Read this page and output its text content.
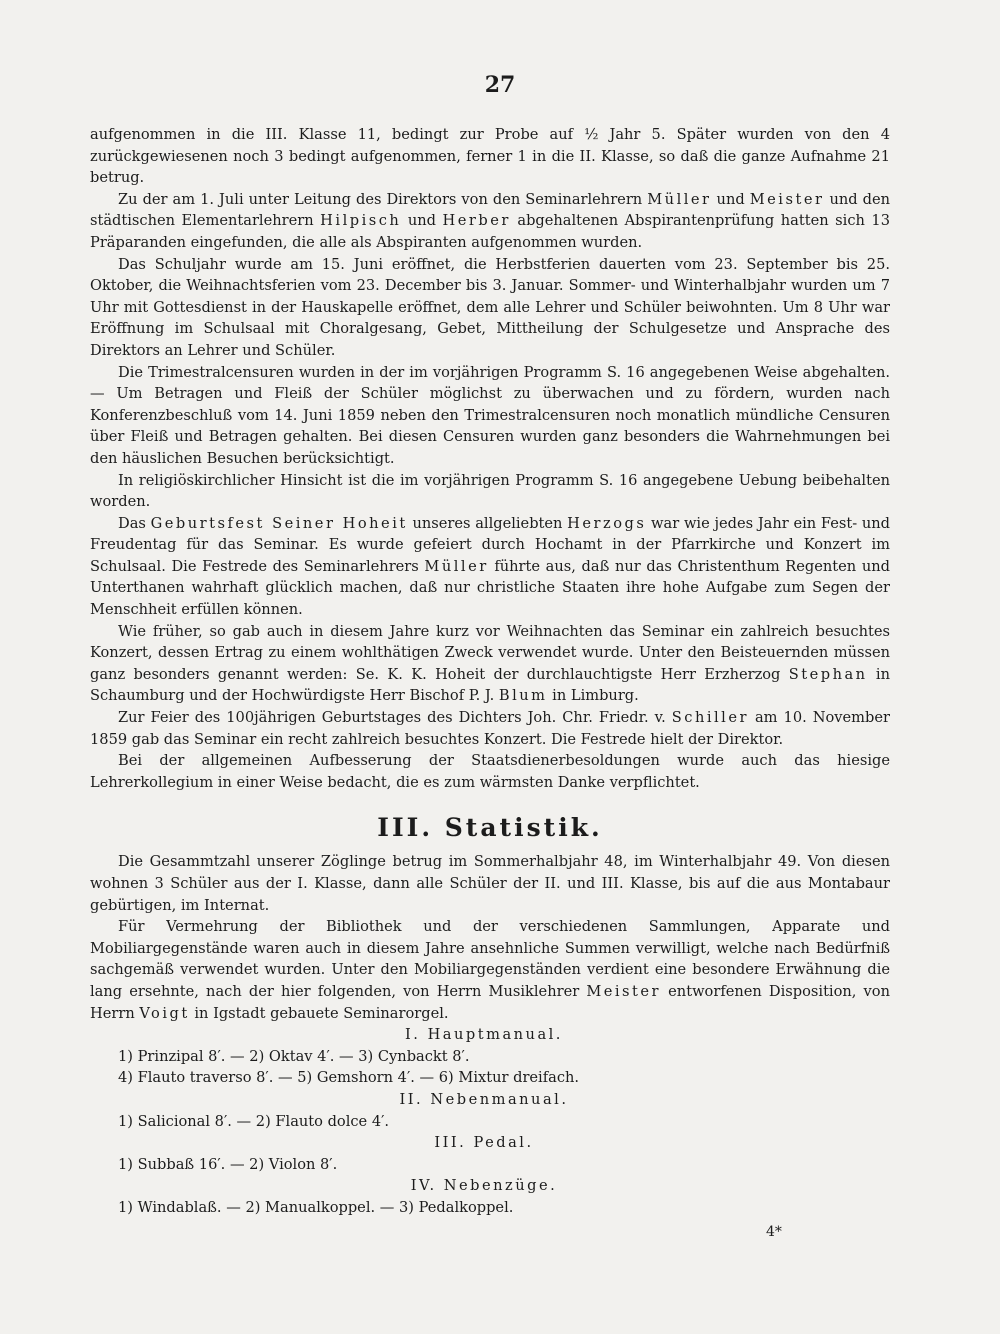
27

aufgenommen in die III. Klasse 11, bedingt zur Probe auf ½ Jahr 5. Später wurden von den 4 zurückgewiesenen noch 3 bedingt aufgenommen, ferner 1 in die II. Klasse, so daß die ganze Aufnahme 21 betrug.

Zu der am 1. Juli unter Leitung des Direktors von den Seminarlehrern Müller und Meister und den städtischen Elementarlehrern Hilpisch und Herber abgehaltenen Abspirantenprüfung hatten sich 13 Präparanden eingefunden, die alle als Abspiranten aufgenommen wurden.

Das Schuljahr wurde am 15. Juni eröffnet, die Herbstferien dauerten vom 23. September bis 25. Oktober, die Weihnachtsferien vom 23. December bis 3. Januar. Sommer- und Winterhalbjahr wurden um 7 Uhr mit Gottesdienst in der Hauskapelle eröffnet, dem alle Lehrer und Schüler beiwohnten. Um 8 Uhr war Eröffnung im Schulsaal mit Choralgesang, Gebet, Mittheilung der Schulgesetze und Ansprache des Direktors an Lehrer und Schüler.

Die Trimestralcensuren wurden in der im vorjährigen Programm S. 16 angegebenen Weise abgehalten. — Um Betragen und Fleiß der Schüler möglichst zu überwachen und zu fördern, wurden nach Konferenzbeschluß vom 14. Juni 1859 neben den Trimestralcensuren noch monatlich mündliche Censuren über Fleiß und Betragen gehalten. Bei diesen Censuren wurden ganz besonders die Wahrnehmungen bei den häuslichen Besuchen berücksichtigt.

In religiöskirchlicher Hinsicht ist die im vorjährigen Programm S. 16 angegebene Uebung beibehalten worden.

Das Geburtsfest Seiner Hoheit unseres allgeliebten Herzogs war wie jedes Jahr ein Fest- und Freudentag für das Seminar. Es wurde gefeiert durch Hochamt in der Pfarrkirche und Konzert im Schulsaal. Die Festrede des Seminarlehrers Müller führte aus, daß nur das Christenthum Regenten und Unterthanen wahrhaft glücklich machen, daß nur christliche Staaten ihre hohe Aufgabe zum Segen der Menschheit erfüllen können.

Wie früher, so gab auch in diesem Jahre kurz vor Weihnachten das Seminar ein zahlreich besuchtes Konzert, dessen Ertrag zu einem wohlthätigen Zweck verwendet wurde. Unter den Beisteuernden müssen ganz besonders genannt werden: Se. K. K. Hoheit der durchlauchtigste Herr Erzherzog Stephan in Schaumburg und der Hochwürdigste Herr Bischof P. J. Blum in Limburg.

Zur Feier des 100jährigen Geburtstages des Dichters Joh. Chr. Friedr. v. Schiller am 10. November 1859 gab das Seminar ein recht zahlreich besuchtes Konzert. Die Festrede hielt der Direktor.

Bei der allgemeinen Aufbesserung der Staatsdienerbesoldungen wurde auch das hiesige Lehrerkollegium in einer Weise bedacht, die es zum wärmsten Danke verpflichtet.

III. Statistik.

Die Gesammtzahl unserer Zöglinge betrug im Sommerhalbjahr 48, im Winterhalbjahr 49. Von diesen wohnen 3 Schüler aus der I. Klasse, dann alle Schüler der II. und III. Klasse, bis auf die aus Montabaur gebürtigen, im Internat.

Für Vermehrung der Bibliothek und der verschiedenen Sammlungen, Apparate und Mobiliargegenstände waren auch in diesem Jahre ansehnliche Summen verwilligt, welche nach Bedürfniß sachgemäß verwendet wurden. Unter den Mobiliargegenständen verdient eine besondere Erwähnung die lang ersehnte, nach der hier folgenden, von Herrn Musiklehrer Meister entworfenen Disposition, von Herrn Voigt in Igstadt gebauete Seminarorgel.

I. Hauptmanual.

1) Prinzipal 8′. — 2) Oktav 4′. — 3) Cynbackt 8′.

4) Flauto traverso 8′. — 5) Gemshorn 4′. — 6) Mixtur dreifach.

II. Nebenmanual.

1) Salicional 8′. — 2) Flauto dolce 4′.

III. Pedal.

1) Subbaß 16′. — 2) Violon 8′.

IV. Nebenzüge.

1) Windablaß. — 2) Manualkoppel. — 3) Pedalkoppel.

4*
